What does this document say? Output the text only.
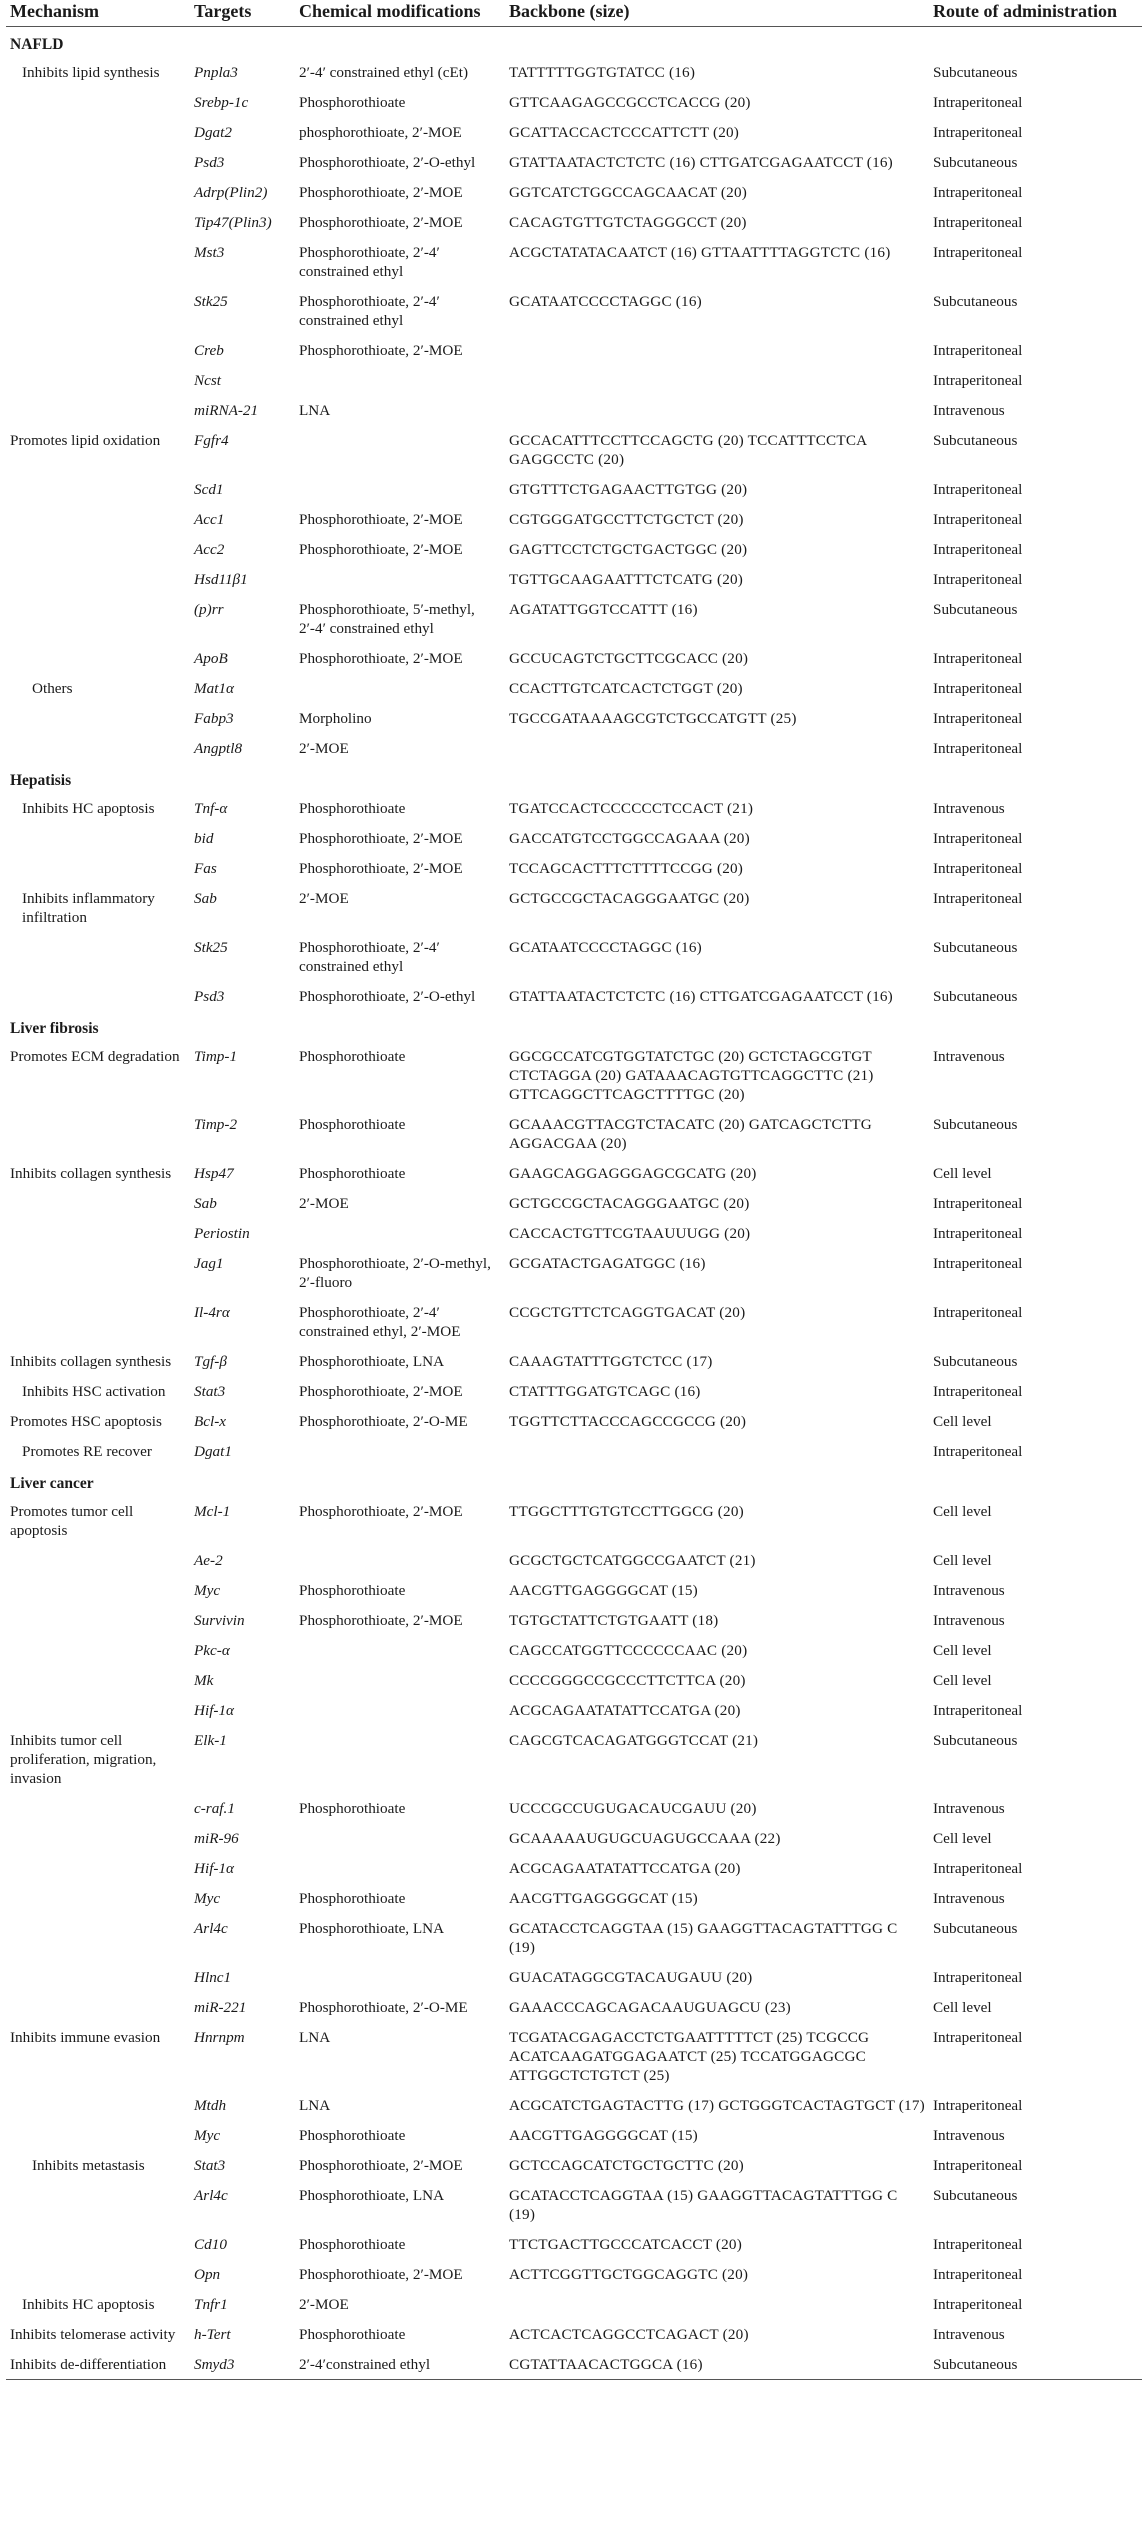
Mechanism	Targets	Chemical modifications	Backbone (size)	Route of administration
NAFLD				
Inhibits lipid synthesis	Pnpla3	2′-4′ constrained ethyl (cEt)	TATTTTTGGTGTATCC (16)	Subcutaneous
	Srebp-1c	Phosphorothioate	GTTCAAGAGCCGCCTCACCG (20)	Intraperitoneal
	Dgat2	phosphorothioate, 2′-MOE	GCATTACCACTCCCATTCTT (20)	Intraperitoneal
	Psd3	Phosphorothioate, 2′-O-ethyl	GTATTAATACTCTCTC (16) CTTGATCGAGAATCCT (16)	Subcutaneous
	Adrp(Plin2)	Phosphorothioate, 2′-MOE	GGTCATCTGGCCAGCAACAT (20)	Intraperitoneal
	Tip47(Plin3)	Phosphorothioate, 2′-MOE	CACAGTGTTGTCTAGGGCCT (20)	Intraperitoneal
	Mst3	Phosphorothioate, 2′-4′ constrained ethyl	ACGCTATATACAATCT (16) GTTAATTTTAGGTCTC (16)	Intraperitoneal
	Stk25	Phosphorothioate, 2′-4′ constrained ethyl	GCATAATCCCCTAGGC (16)	Subcutaneous
	Creb	Phosphorothioate, 2′-MOE		Intraperitoneal
	Ncst			Intraperitoneal
	miRNA-21	LNA		Intravenous
Promotes lipid oxidation	Fgfr4		GCCACATTTCCTTCCAGCTG (20) TCCATTTCCTCA GAGGCCTC (20)	Subcutaneous
	Scd1		GTGTTTCTGAGAACTTGTGG (20)	Intraperitoneal
	Acc1	Phosphorothioate, 2′-MOE	CGTGGGATGCCTTCTGCTCT (20)	Intraperitoneal
	Acc2	Phosphorothioate, 2′-MOE	GAGTTCCTCTGCTGACTGGC (20)	Intraperitoneal
	Hsd11β1		TGTTGCAAGAATTTCTCATG (20)	Intraperitoneal
	(p)rr	Phosphorothioate, 5′-methyl, 2′-4′ constrained ethyl	AGATATTGGTCCATTT (16)	Subcutaneous
	ApoB	Phosphorothioate, 2′-MOE	GCCUCAGTCTGCTTCGCACC (20)	Intraperitoneal
Others	Mat1α		CCACTTGTCATCACTCTGGT (20)	Intraperitoneal
	Fabp3	Morpholino	TGCCGATAAAAGCGTCTGCCATGTT (25)	Intraperitoneal
	Angptl8	2′-MOE		Intraperitoneal
Hepatisis				
Inhibits HC apoptosis	Tnf-α	Phosphorothioate	TGATCCACTCCCCCCTCCACT (21)	Intravenous
	bid	Phosphorothioate, 2′-MOE	GACCATGTCCTGGCCAGAAA (20)	Intraperitoneal
	Fas	Phosphorothioate, 2′-MOE	TCCAGCACTTTCTTTTCCGG (20)	Intraperitoneal
Inhibits inflammatory infiltration	Sab	2′-MOE	GCTGCCGCTACAGGGAATGC (20)	Intraperitoneal
	Stk25	Phosphorothioate, 2′-4′ constrained ethyl	GCATAATCCCCTAGGC (16)	Subcutaneous
	Psd3	Phosphorothioate, 2′-O-ethyl	GTATTAATACTCTCTC (16) CTTGATCGAGAATCCT (16)	Subcutaneous
Liver fibrosis				
Promotes ECM degradation	Timp-1	Phosphorothioate	GGCGCCATCGTGGTATCTGC (20) GCTCTAGCGTGT CTCTAGGA (20) GATAAACAGTGTTCAGGCTTC (21) GTTCAGGCTTCAGCTTTTGC (20)	Intravenous
	Timp-2	Phosphorothioate	GCAAACGTTACGTCTACATC (20) GATCAGCTCTTG AGGACGAA (20)	Subcutaneous
Inhibits collagen synthesis	Hsp47	Phosphorothioate	GAAGCAGGAGGGAGCGCATG (20)	Cell level
	Sab	2′-MOE	GCTGCCGCTACAGGGAATGC (20)	Intraperitoneal
	Periostin		CACCACTGTTCGTAAUUUGG (20)	Intraperitoneal
	Jag1	Phosphorothioate, 2′-O-methyl, 2′-fluoro	GCGATACTGAGATGGC (16)	Intraperitoneal
	Il-4rα	Phosphorothioate, 2′-4′ constrained ethyl, 2′-MOE	CCGCTGTTCTCAGGTGACAT (20)	Intraperitoneal
Inhibits collagen synthesis	Tgf-β	Phosphorothioate, LNA	CAAAGTATTTGGTCTCC (17)	Subcutaneous
Inhibits HSC activation	Stat3	Phosphorothioate, 2′-MOE	CTATTTGGATGTCAGC (16)	Intraperitoneal
Promotes HSC apoptosis	Bcl-x	Phosphorothioate, 2′-O-ME	TGGTTCTTACCCAGCCGCCG (20)	Cell level
Promotes RE recover	Dgat1			Intraperitoneal
Liver cancer				
Promotes tumor cell apoptosis	Mcl-1	Phosphorothioate, 2′-MOE	TTGGCTTTGTGTCCTTGGCG (20)	Cell level
	Ae-2		GCGCTGCTCATGGCCGAATCT (21)	Cell level
	Myc	Phosphorothioate	AACGTTGAGGGGCAT (15)	Intravenous
	Survivin	Phosphorothioate, 2′-MOE	TGTGCTATTCTGTGAATT (18)	Intravenous
	Pkc-α		CAGCCATGGTTCCCCCCAAC (20)	Cell level
	Mk		CCCCGGGCCGCCCTTCTTCA (20)	Cell level
	Hif-1α		ACGCAGAATATATTCCATGA (20)	Intraperitoneal
Inhibits tumor cell proliferation, migration, invasion	Elk-1		CAGCGTCACAGATGGGTCCAT (21)	Subcutaneous
	c-raf.1	Phosphorothioate	UCCCGCCUGUGACAUCGAUU (20)	Intravenous
	miR-96		GCAAAAAUGUGCUAGUGCCAAA (22)	Cell level
	Hif-1α		ACGCAGAATATATTCCATGA (20)	Intraperitoneal
	Myc	Phosphorothioate	AACGTTGAGGGGCAT (15)	Intravenous
	Arl4c	Phosphorothioate, LNA	GCATACCTCAGGTAA (15) GAAGGTTACAGTATTTGG C (19)	Subcutaneous
	Hlnc1		GUACATAGGCGTACAUGAUU (20)	Intraperitoneal
	miR-221	Phosphorothioate, 2′-O-ME	GAAACCCAGCAGACAAUGUAGCU (23)	Cell level
Inhibits immune evasion	Hnrnpm	LNA	TCGATACGAGACCTCTGAATTTTTCT (25) TCGCCG ACATCAAGATGGAGAATCT (25) TCCATGGAGCGC ATTGGCTCTGTCT (25)	Intraperitoneal
	Mtdh	LNA	ACGCATCTGAGTACTTG (17) GCTGGGTCACTAGTGCT (17)	Intraperitoneal
	Myc	Phosphorothioate	AACGTTGAGGGGCAT (15)	Intravenous
Inhibits metastasis	Stat3	Phosphorothioate, 2′-MOE	GCTCCAGCATCTGCTGCTTC (20)	Intraperitoneal
	Arl4c	Phosphorothioate, LNA	GCATACCTCAGGTAA (15) GAAGGTTACAGTATTTGG C (19)	Subcutaneous
	Cd10	Phosphorothioate	TTCTGACTTGCCCATCACCT (20)	Intraperitoneal
	Opn	Phosphorothioate, 2′-MOE	ACTTCGGTTGCTGGCAGGTC (20)	Intraperitoneal
Inhibits HC apoptosis	Tnfr1	2′-MOE		Intraperitoneal
Inhibits telomerase activity	h-Tert	Phosphorothioate	ACTCACTCAGGCCTCAGACT (20)	Intravenous
Inhibits de-differentiation	Smyd3	2′-4′constrained ethyl	CGTATTAACACTGGCA (16)	Subcutaneous
